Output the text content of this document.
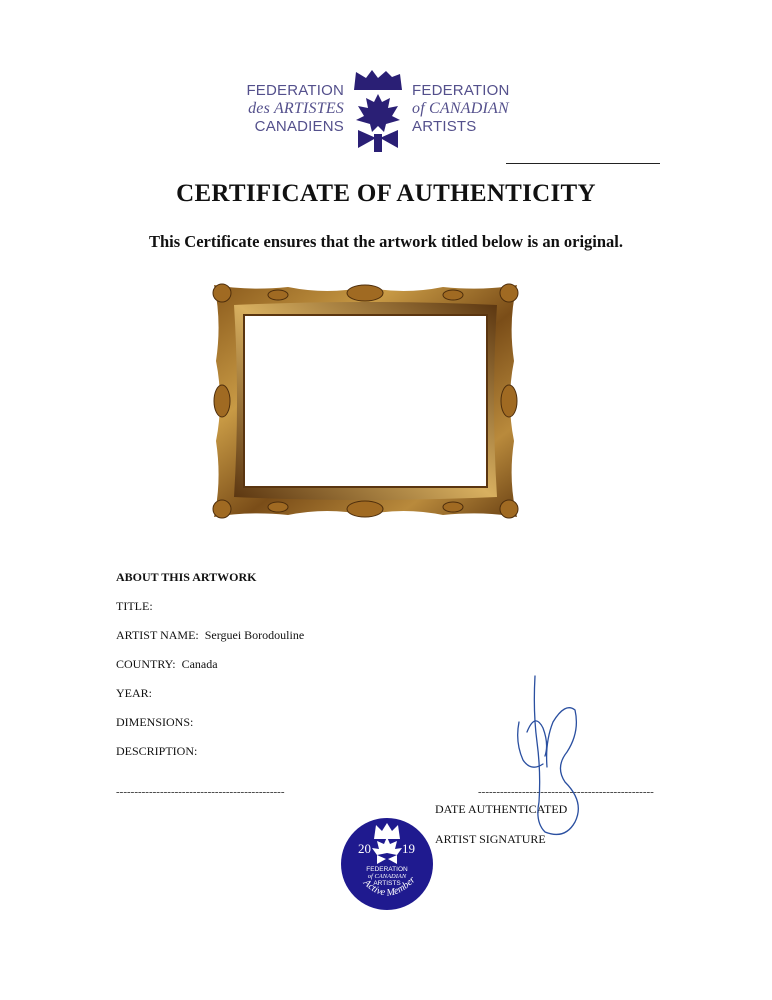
FEDERATION
des ARTISTES
CANADIENS
FEDERATION
of CANADIAN
ARTISTS
CERTIFICATE OF AUTHENTICITY
This Certificate ensures that the artwork titled below is an original.
ABOUT THIS ARTWORK
TITLE:
ARTIST NAME: Serguei Borodouline
COUNTRY: Canada
YEAR:
DIMENSIONS:
DESCRIPTION:
----------------------------------------------	------------------------------------------------
DATE AUTHENTICATED
ARTIST SIGNATURE
20 19
FEDERATION
of CANADIAN
ARTISTS
Active Member
